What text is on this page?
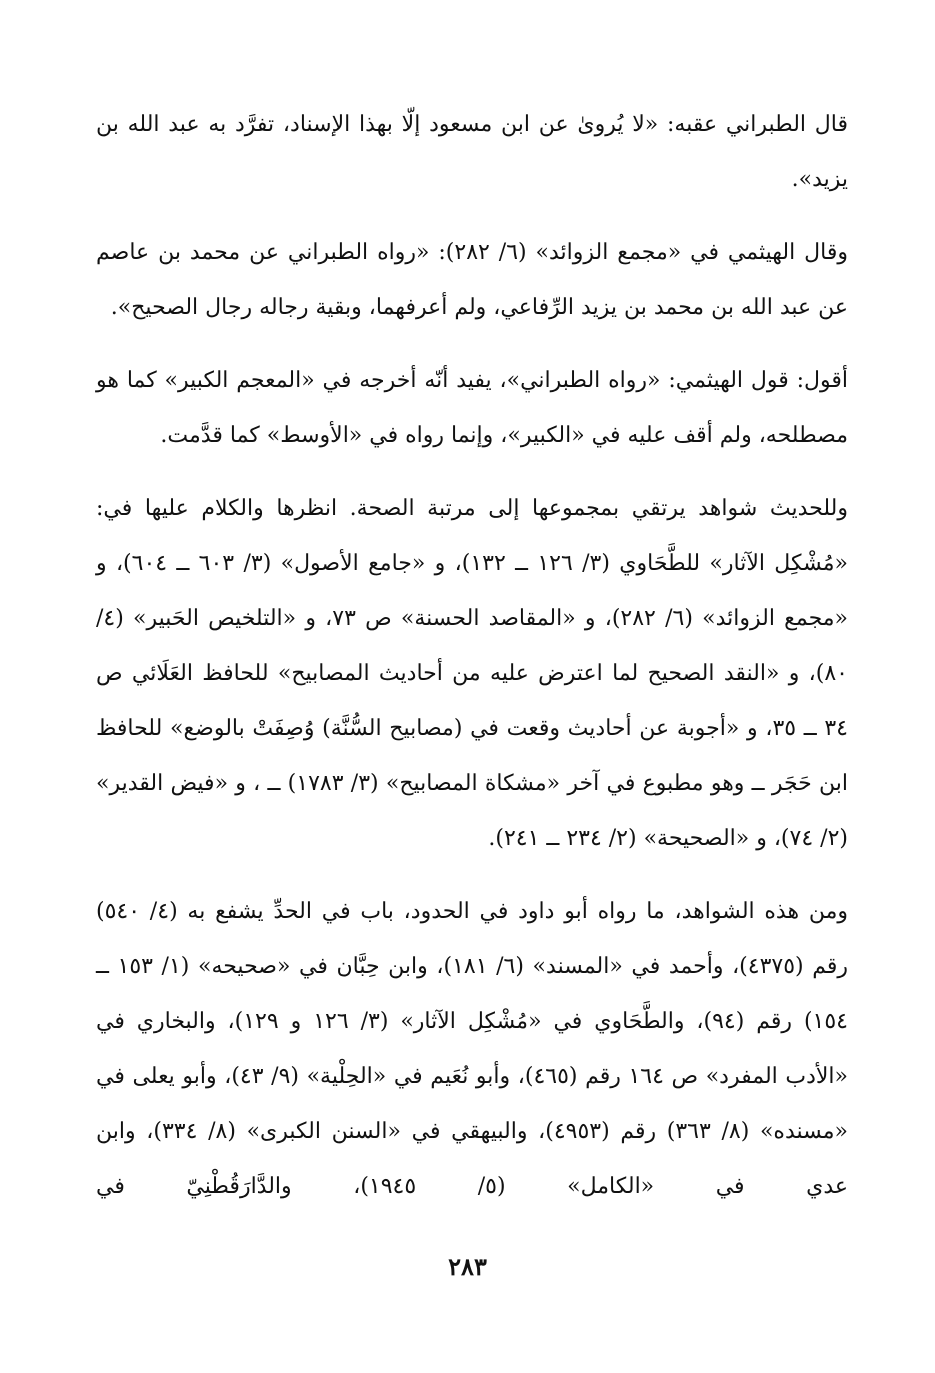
قال الطبراني عقبه: «لا يُروىٰ عن ابن مسعود إلّا بهذا الإسناد، تفرَّد به عبد الله بن يزيد».

وقال الهيثمي في «مجمع الزوائد» (٦/ ٢٨٢): «رواه الطبراني عن محمد بن عاصم عن عبد الله بن محمد بن يزيد الرِّفاعي، ولم أعرفهما، وبقية رجاله رجال الصحيح».

أقول: قول الهيثمي: «رواه الطبراني»، يفيد أنّه أخرجه في «المعجم الكبير» كما هو مصطلحه، ولم أقف عليه في «الكبير»، وإنما رواه في «الأوسط» كما قدَّمت.

وللحديث شواهد يرتقي بمجموعها إلى مرتبة الصحة. انظرها والكلام عليها في: «مُشْكِل الآثار» للطَّحَاوي (٣/ ١٢٦ ــ ١٣٢)، و «جامع الأصول» (٣/ ٦٠٣ ــ ٦٠٤)، و «مجمع الزوائد» (٦/ ٢٨٢)، و «المقاصد الحسنة» ص ٧٣، و «التلخيص الحَبير» (٤/ ٨٠)، و «النقد الصحيح لما اعترض عليه من أحاديث المصابيح» للحافظ العَلَائي ص ٣٤ ــ ٣٥، و «أجوبة عن أحاديث وقعت في (مصابيح السُّنَّة) وُصِفَتْ بالوضع» للحافظ ابن حَجَر ــ وهو مطبوع في آخر «مشكاة المصابيح» (٣/ ١٧٨٣) ــ ، و «فيض القدير» (٢/ ٧٤)، و «الصحيحة» (٢/ ٢٣٤ ــ ٢٤١).

ومن هذه الشواهد، ما رواه أبو داود في الحدود، باب في الحدِّ يشفع به (٤/ ٥٤٠) رقم (٤٣٧٥)، وأحمد في «المسند» (٦/ ١٨١)، وابن حِبَّان في «صحيحه» (١/ ١٥٣ ــ ١٥٤) رقم (٩٤)، والطَّحَاوي في «مُشْكِل الآثار» (٣/ ١٢٦ و ١٢٩)، والبخاري في «الأدب المفرد» ص ١٦٤ رقم (٤٦٥)، وأبو نُعَيم في «الحِلْية» (٩/ ٤٣)، وأبو يعلى في «مسنده» (٨/ ٣٦٣) رقم (٤٩٥٣)، والبيهقي في «السنن الكبرى» (٨/ ٣٣٤)، وابن عدي في «الكامل» (٥/ ١٩٤٥)، والدَّارَقُطْنِيّ في

٢٨٣
